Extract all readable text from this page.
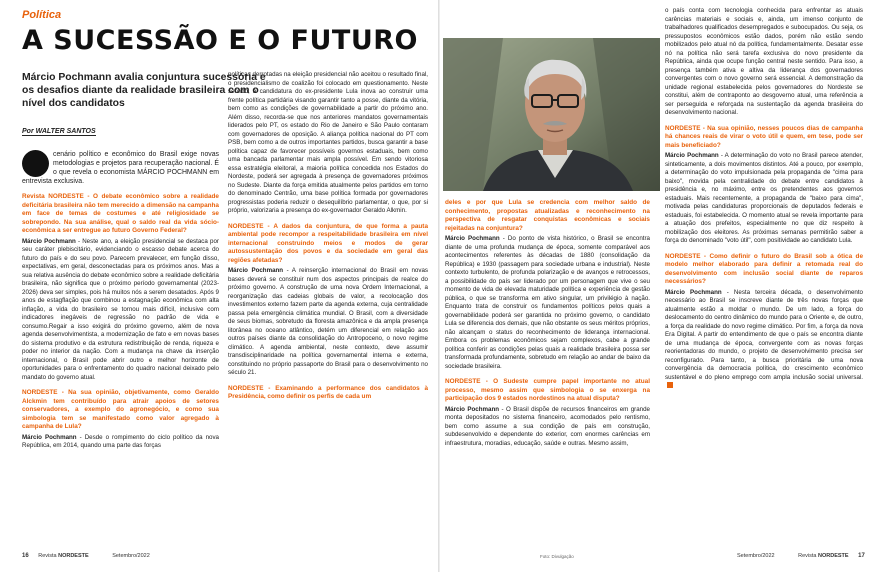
Política
A SUCESSÃO E O FUTURO
Márcio Pochmann avalia conjuntura sucessória e os desafios diante da realidade brasileira com o nível dos candidatos
Por WALTER SANTOS
cenário político e econômico do Brasil exige novas metodologias e projetos para recuperação nacional. É o que revela o economista MÁRCIO POCHMANN em entrevista exclusiva.

Revista NORDESTE - O debate econômico sobre a realidade deficitária brasileira não tem merecido a dimensão na campanha em face de temas de costumes e até religiosidade se sobrepondo. Na sua análise, qual o saldo real da vida sócio-econômica a ser entregue ao futuro Governo Federal?

Márcio Pochmann - Neste ano, a eleição presidencial se destaca por seu caráter plebiscitário, evidenciando o escasso debate acerca do futuro do país e do seu povo. Parecem prevalecer, em função disso, expectativas, em geral, desconectadas para os próximos anos. Mas a sua relativa ausência do debate econômico sobre a realidade deficitária brasileira, não significa que o próximo período governamental (2023-2026) deva ser simples, pois há muitos nós a serem desatados. Após 9 anos de estagflação que combinou a estagnação econômica com alta inflação, a vida do brasileiro se tornou mais difícil, inclusive com indicadores inegáveis de regressão no padrão de vida e consumo.Regair a isso exigirá do próximo governo, além de nova agenda desenvolvimentista, a modernização de fato e em novas bases do sistema produtivo e da estrutura redistribuição de renda, riqueza e poder no interior da nação. Com a mudança na chave da inserção internacional, o Brasil pode abrir outro e melhor horizonte de oportunidades para o enfrentamento do quadro nacional deixado pelo mandato do governo atual.

NORDESTE - Na sua opinião, objetivamente, como Geraldo Alckmin tem contribuído para atrair apoios de setores conservadores, a exemplo do agronegócio, e como sua simbologia tem se manifestado como valor agregado à campanha de Lula?

Márcio Pochmann - Desde o rompimento do ciclo político da nova República, em 2014, quando uma parte das forças

políticas derrotadas na eleição presidencial não aceitou o resultado final, o presidencialismo de coalizão foi colocado em questionamento. Neste sentido, a candidatura do ex-presidente Lula inova ao construir uma frente política partidária visando garantir tanto a posse, diante da vitória, bem como as condições de governabilidade a partir do próximo ano. Além disso, recorda-se que nos anteriores mandatos governamentais liderados pelo PT, os estado do Rio de Janeiro e São Paulo contaram com governadores de oposição. A aliança política nacional do PT com PSB, bem como a de outros importantes partidos, busca garantir a base política capaz de favorecer possíveis governos estaduais, bem como uma bancada parlamentar mais ampla possível. Em sendo vitoriosa essa estratégia eleitoral, a maioria política concedida nos Estados do Nordeste, poderá ser agregada à presença de governadores próximos no Sudeste. Diante da força emitida atualmente pelos partidos em torno do denominado Centrão, uma base política formada por governadores progressistas poderia reduzir o desequilíbrio parlamentar, o que, por si próprio, valorizaria a presença do ex-governador Geraldo Alkmin.

NORDESTE - A dados da conjuntura, de que forma a pauta ambiental pode recompor a respeitabilidade brasileira em nível internacional construindo meios e modos de gerar autossustentação dos povos e da sociedade em geral das regiões afetadas?

Márcio Pochmann - A reinserção internacional do Brasil em novas bases deverá se constituir num dos aspectos principais de realce do próximo governo. A construção de uma nova Ordem Internacional, a reorganização das cadeias globais de valor, a recolocação dos investimentos externo fazem parte da agenda externa, cuja centralidade passa pela emergência climática mundial. O Brasil, com a diversidade de seus biomas, sobretudo da floresta amazônica e da ampla presença litorânea no oceano atlântico, detém um diferencial em relação aos outros países diante da consolidação do Antropoceno, o novo regime climático. A agenda ambiental, neste contexto, deve assumir transdisciplinaridade na política governamental interna e externa, constituindo no próprio passaporte do Brasil para o desenvolvimento no século 21.

NORDESTE - Examinando a performance dos candidatos à Presidência, como definir os perfis de cada um

deles e por que Lula se credencia com melhor saldo de conhecimento, propostas atualizadas e reconhecimento na perspectiva de resgatar conquistas econômicas e sociais rejeitadas na conjuntura?

Márcio Pochmann - Do ponto de vista histórico, o Brasil se encontra diante de uma profunda mudança de época, somente comparável aos acontecimentos referentes às décadas de 1880 (consolidação da República) e 1930 (passagem para sociedade urbana e industrial). Neste contexto turbulento, de profunda polarização e de avanços e retrocessos, a possibilidade do país ser liderado por um personagem que vive o seu momento de vida de elevada maturidade política e experiência de gestão pública, o que se transforma em ativo singular, um privilégio à nação. Enquanto trata de construir os fundamentos políticos pelos quais a governabilidade poderá ser garantida no próximo governo, o candidato Lula se diferencia dos demais, que não obstante os seus méritos próprios, não alcançam o status do reconhecimento de liderança internacional. Embora os problemas econômicos sejam complexos, cabe a grande política conferir as condições pelas quais a realidade brasileira possa ser transformada profundamente, sobretudo em relação ao andar de baixo da sociedade brasileira.

NORDESTE - O Sudeste cumpre papel importante no atual processo, mesmo assim que simbologia o se enxerga na participação dos 9 estados nordestinos na atual disputa?

Márcio Pochmann - O Brasil dispõe de recursos financeiros em grande monta depositados no sistema financeiro, acomodados pelo rentismo, bem como assume a sua condição de país em construção, subdesenvolvido e dependente do exterior, com enormes carências em infraestrutura, moradias, educação, saúde e outras. Mesmo assim,

o país conta com tecnologia conhecida para enfrentar as atuais carências materiais e sociais e, ainda, um imenso conjunto de trabalhadores qualificados desempregados e subocupados. Ou seja, os pressupostos econômicos estão dados, porém não estão sendo mobilizados pelo atual nó da política, fundamentalmente. Desatar esse nó na política não será tarefa exclusiva do novo presidente da República, ainda que ocupe função central neste sentido. Para isso, a presença também ativa e altiva da liderança dos governadores convergentes com o novo governo será essencial. A demonstração da unidade regional estabelecida pelos governadores do Nordeste se constitui, além de contraponto ao desgoverno atual, uma referência a ser perseguida e reforçada na sustentação da agenda brasileira do desenvolvimento nacional.

NORDESTE - Na sua opinião, nesses poucos dias de campanha há chances reais de virar o voto útil e quem, em tese, pode ser mais beneficiado?

Márcio Pochmann - A determinação do voto no Brasil parece atender, sinteticamente, a dois movimentos distintos. Até a pouco, por exemplo, a determinação do voto impulsionada pela propaganda de "cima para baixo", movida pela centralidade do debate entre candidatos à presidência e, no máximo, entre os pretendentes aos governos estaduais. Mais recentemente, a propaganda de "baixo para cima", motivada pelas candidaturas proporcionais de deputados federais e estaduais, foi estabelecida. O momento atual se revela importante para a atuação dos prefeitos, especialmente no que diz respeito à mobilização dos eleitores. As próximas semanas permitirão saber a força do denominado "voto útil", com positividade ao candidato Lula.

NORDESTE - Como definir o futuro do Brasil sob a ótica de modelo melhor elaborado para definir a retomada real do desenvolvimento com inclusão social diante de reparos necessários?

Márcio Pochmann - Nesta terceira década, o desenvolvimento necessário ao Brasil se inscreve diante de três novas forças que atualmente estão a moldar o mundo. De um lado, a força do deslocamento do centro dinâmico do mundo para o Oriente e, de outro, a força da realidade do novo regime climático. Por fim, a força da nova Era Digital. A partir do entendimento de que o país se encontra diante de uma mudança de época, convergente com as novas forças reorientadoras do mundo, o projeto de desenvolvimento precisa ser reconfigurado. Para tanto, a busca prioritária de uma nova convergência da democracia política, do crescimento econômico sustentável e do pleno emprego com ampla inclusão social universal.

Foto: Divulgação
16 Revista NORDESTE	Setembro/2022	Setembro/2022	Revista NORDESTE 17
